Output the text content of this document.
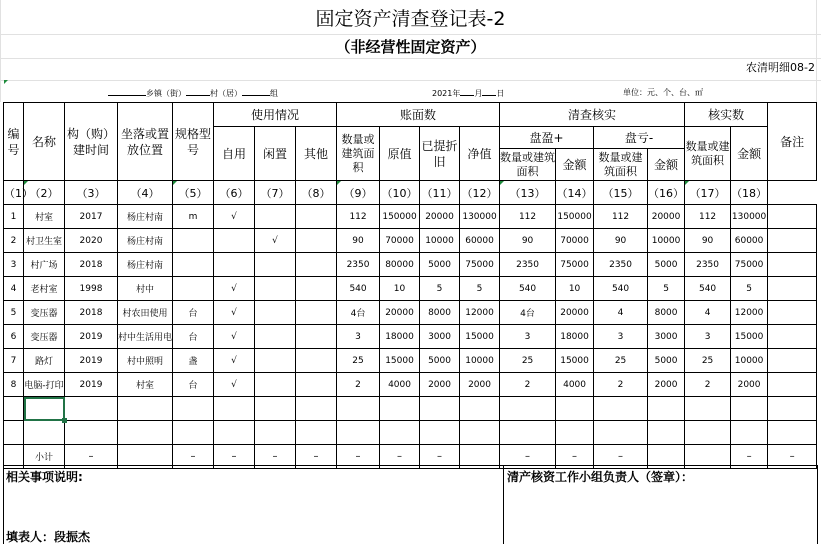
固定资产清查登记表-2
（非经营性固定资产）
农清明细08-2
乡镇（街）	村（居）	组	2021年 月 日	单位：元、个、台、㎡
编号	名称	构（购）建时间	坐落或置放位置	规格型号	使用情况			账面数				清查核实				核实数		备注	
					自用	闲置	其他	数量或建筑面积	原值	已提折旧	净值	盘盈+		盘亏-		数量或建筑面积	金额		
												数量或建筑面积	金额	数量或建筑面积	金额				
（1）	（2）	（3）	（4）	（5）	（6）	（7）	（8）	（9）	（10）	（11）	（12）	（13）	（14）	（15）	（16）	（17）	（18）		
1	村室	2017	杨庄村南	m	√			112	150000	20000	130000	112	150000	112	20000	112	130000		
2	村卫生室	2020	杨庄村南			√		90	70000	10000	60000	90	70000	90	10000	90	60000		
3	村广场	2018	杨庄村南					2350	80000	5000	75000	2350	75000	2350	5000	2350	75000		
4	老村室	1998	村中		√			540	10	5	5	540	10	540	5	540	5		
5	变压器	2018	村农田使用	台	√			4台	20000	8000	12000	4台	20000	4	8000	4	12000		
6	变压器	2019	村中生活用电	台	√			3	18000	3000	15000	3	18000	3	3000	3	15000		
7	路灯	2019	村中照明	盏	√			25	15000	5000	10000	25	15000	25	5000	25	10000		
8	电脑-打印	2019	村室	台	√			2	4000	2000	2000	2	4000	2	2000	2	2000		

	小计	–		–	–	–	–	–	–	–		–	–	–			–	–	
相关事项说明:	清产核资工作小组负责人（签章）：
填表人：段振杰
